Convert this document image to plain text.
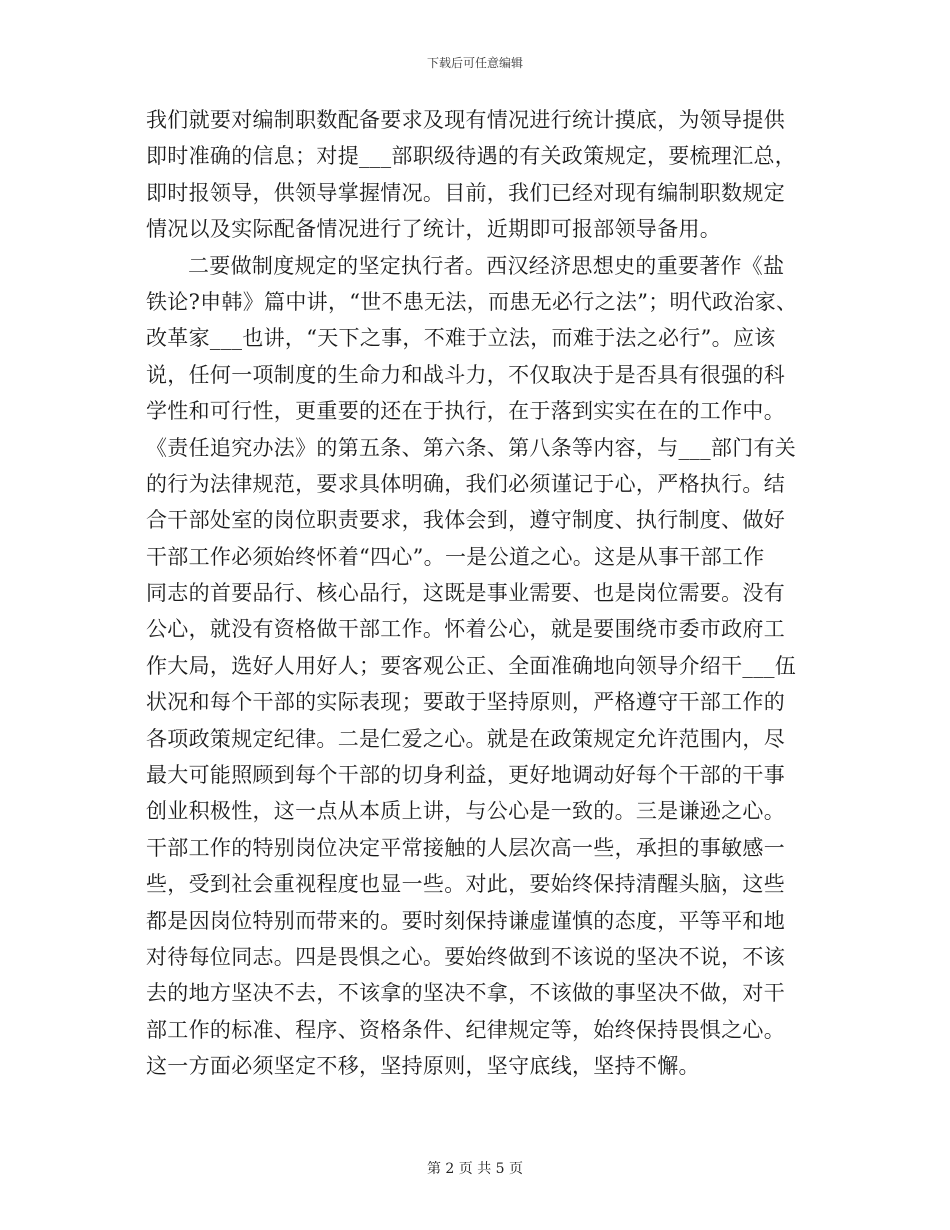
下载后可任意编辑
我们就要对编制职数配备要求及现有情况进行统计摸底，为领导提供
即时准确的信息；对提___部职级待遇的有关政策规定，要梳理汇总，
即时报领导，供领导掌握情况。目前，我们已经对现有编制职数规定
情况以及实际配备情况进行了统计，近期即可报部领导备用。
二要做制度规定的坚定执行者。西汉经济思想史的重要著作《盐
铁论?申韩》篇中讲，“世不患无法，而患无必行之法”；明代政治家、
改革家___也讲，“天下之事，不难于立法，而难于法之必行”。应该
说，任何一项制度的生命力和战斗力，不仅取决于是否具有很强的科
学性和可行性，更重要的还在于执行，在于落到实实在在的工作中。
《责任追究办法》的第五条、第六条、第八条等内容，与___部门有关
的行为法律规范，要求具体明确，我们必须谨记于心，严格执行。结
合干部处室的岗位职责要求，我体会到，遵守制度、执行制度、做好
干部工作必须始终怀着“四心”。一是公道之心。这是从事干部工作
同志的首要品行、核心品行，这既是事业需要、也是岗位需要。没有
公心，就没有资格做干部工作。怀着公心，就是要围绕市委市政府工
作大局，选好人用好人；要客观公正、全面准确地向领导介绍干___伍
状况和每个干部的实际表现；要敢于坚持原则，严格遵守干部工作的
各项政策规定纪律。二是仁爱之心。就是在政策规定允许范围内，尽
最大可能照顾到每个干部的切身利益，更好地调动好每个干部的干事
创业积极性，这一点从本质上讲，与公心是一致的。三是谦逊之心。
干部工作的特别岗位决定平常接触的人层次高一些，承担的事敏感一
些，受到社会重视程度也显一些。对此，要始终保持清醒头脑，这些
都是因岗位特别而带来的。要时刻保持谦虚谨慎的态度，平等平和地
对待每位同志。四是畏惧之心。要始终做到不该说的坚决不说，不该
去的地方坚决不去，不该拿的坚决不拿，不该做的事坚决不做，对干
部工作的标准、程序、资格条件、纪律规定等，始终保持畏惧之心。
这一方面必须坚定不移，坚持原则，坚守底线，坚持不懈。
第 2 页 共 5 页
